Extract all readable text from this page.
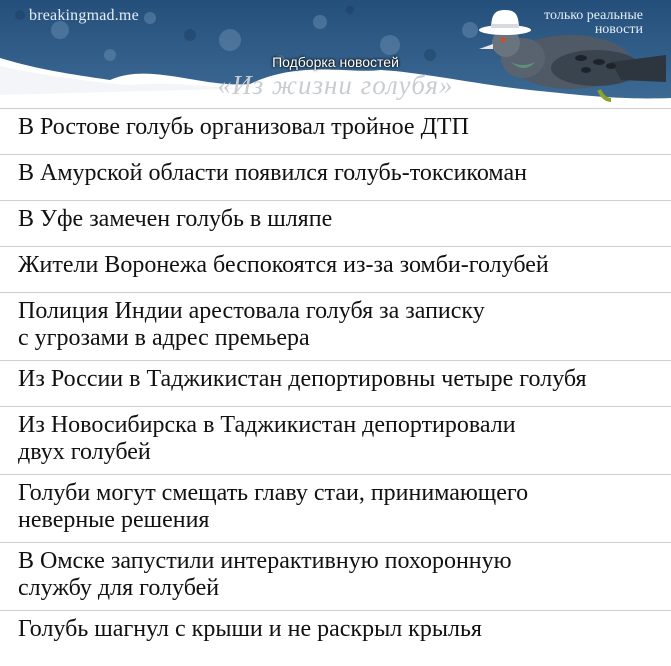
breakingmad.me	только реальные
новости
Подборка новостей
«Из жизни голубя»
В Ростове голубь организовал тройное ДТП
В Амурской области появился голубь-токсикоман
В Уфе замечен голубь в шляпе
Жители Воронежа беспокоятся из-за зомби-голубей
Полиция Индии арестовала голубя за записку
с угрозами в адрес премьера
Из России в Таджикистан депортировны четыре голубя
Из Новосибирска в Таджикистан депортировали
двух голубей
Голуби могут смещать главу стаи, принимающего
неверные решения
В Омске запустили интерактивную похоронную
службу для голубей
Голубь шагнул с крыши и не раскрыл крылья
